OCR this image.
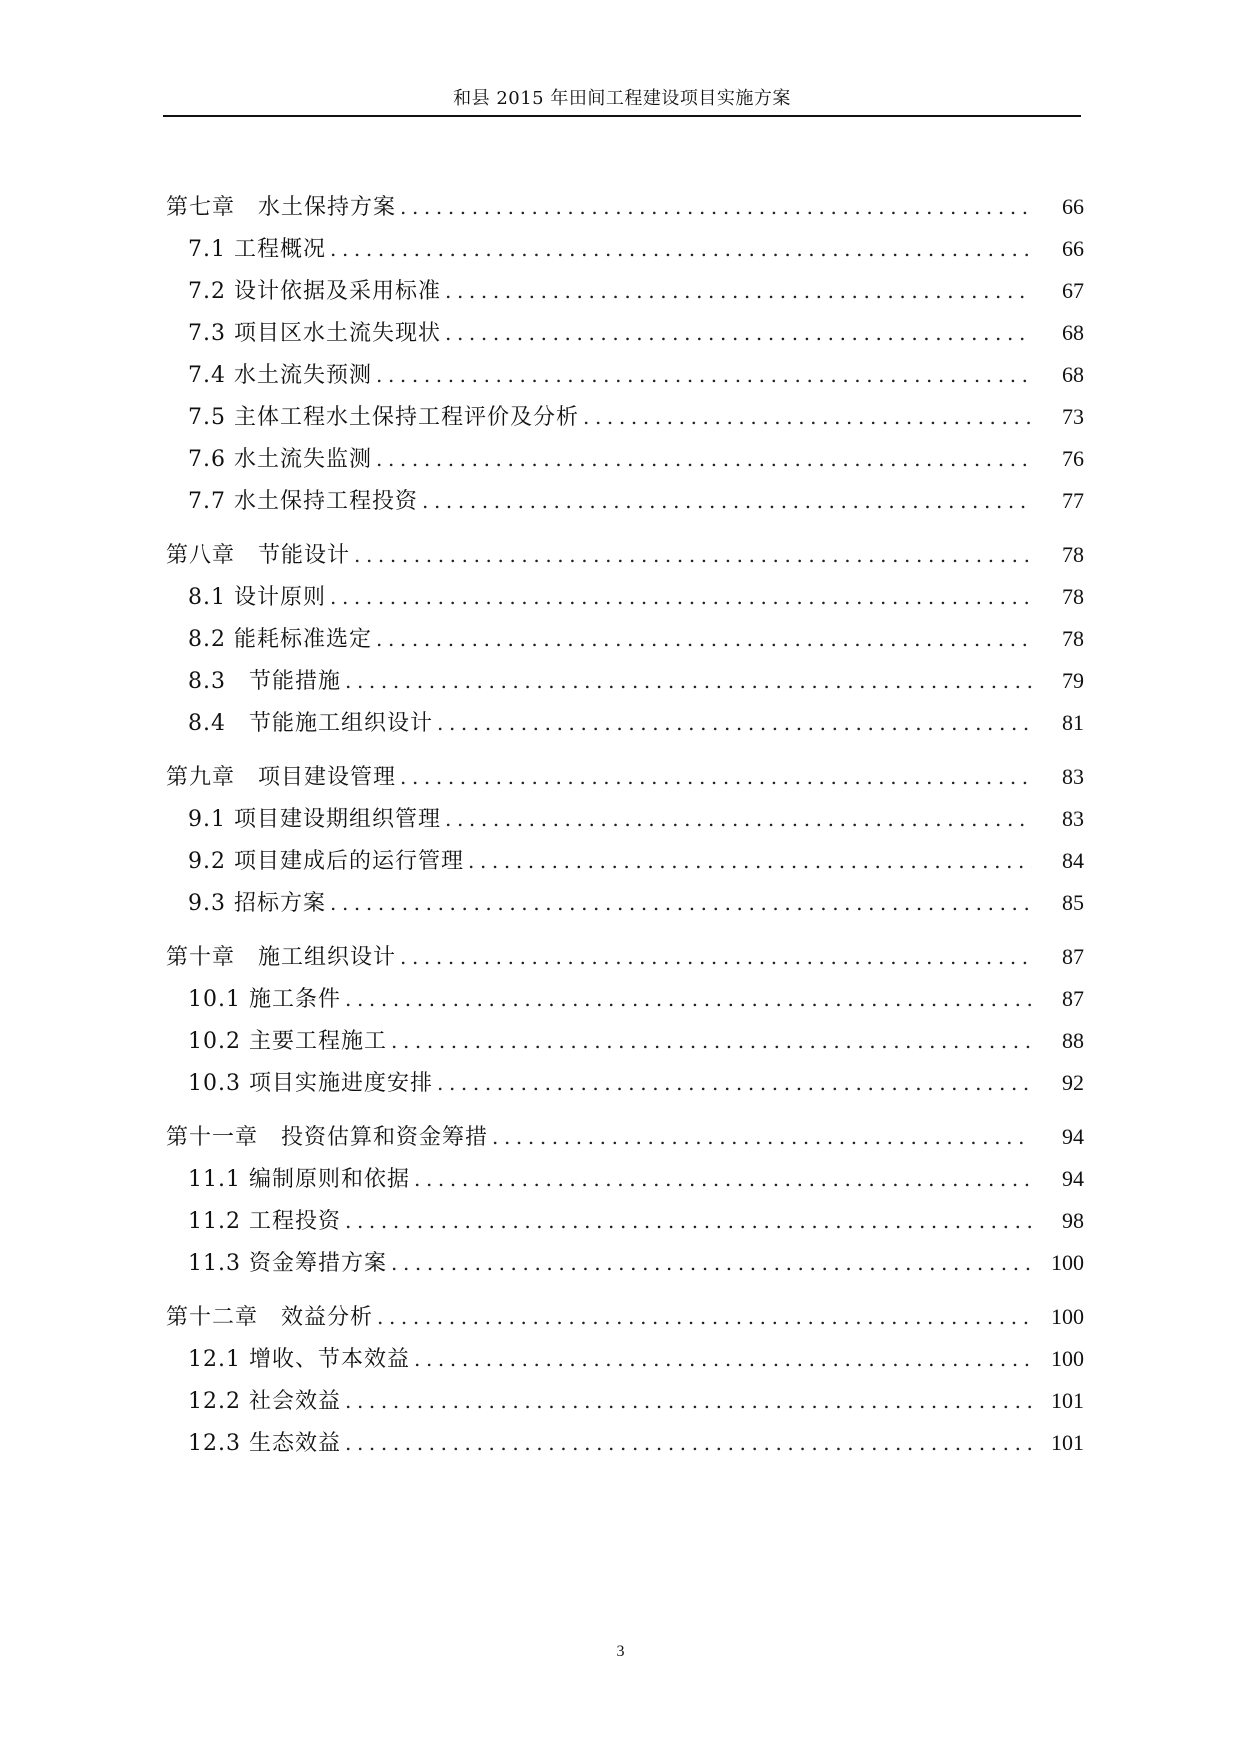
和县 2015 年田间工程建设项目实施方案
第七章　水土保持方案 .....	66
7.1 工程概况 .....	66
7.2 设计依据及采用标准 .....	67
7.3 项目区水土流失现状 .....	68
7.4 水土流失预测 .....	68
7.5 主体工程水土保持工程评价及分析 .....	73
7.6 水土流失监测 .....	76
7.7 水土保持工程投资 .....	77
第八章　节能设计 .....	78
8.1 设计原则 .....	78
8.2 能耗标准选定 .....	78
8.3　节能措施 .....	79
8.4　节能施工组织设计 .....	81
第九章　项目建设管理 .....	83
9.1 项目建设期组织管理 .....	83
9.2 项目建成后的运行管理 .....	84
9.3 招标方案 .....	85
第十章　施工组织设计 .....	87
10.1 施工条件 .....	87
10.2 主要工程施工 .....	88
10.3 项目实施进度安排 .....	92
第十一章　投资估算和资金筹措 .....	94
11.1 编制原则和依据 .....	94
11.2 工程投资 .....	98
11.3 资金筹措方案 .....	100
第十二章　效益分析 .....	100
12.1 增收、节本效益 .....	100
12.2 社会效益 .....	101
12.3 生态效益 .....	101
3
